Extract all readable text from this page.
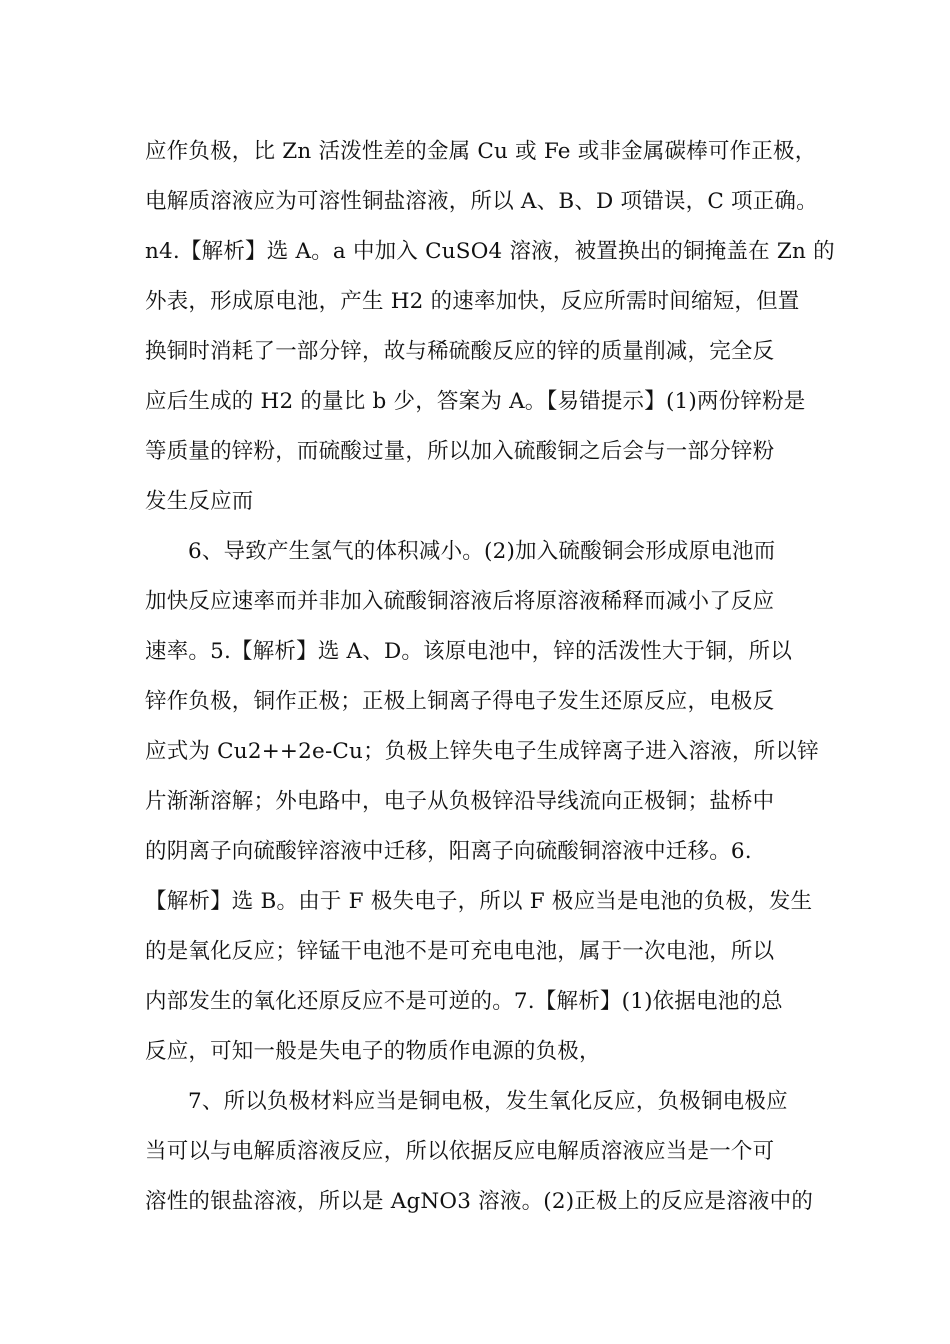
应作负极，比 Zn 活泼性差的金属 Cu 或 Fe 或非金属碳棒可作正极，
电解质溶液应为可溶性铜盐溶液，所以 A、B、D 项错误，C 项正确。
n4.【解析】选 A。a 中加入 CuSO4 溶液，被置换出的铜掩盖在 Zn 的
外表，形成原电池，产生 H2 的速率加快，反应所需时间缩短，但置
换铜时消耗了一部分锌，故与稀硫酸反应的锌的质量削减，完全反
应后生成的 H2 的量比 b 少，答案为 A。【易错提示】(1)两份锌粉是
等质量的锌粉，而硫酸过量，所以加入硫酸铜之后会与一部分锌粉
发生反应而
6、导致产生氢气的体积减小。(2)加入硫酸铜会形成原电池而
加快反应速率而并非加入硫酸铜溶液后将原溶液稀释而减小了反应
速率。5.【解析】选 A、D。该原电池中，锌的活泼性大于铜，所以
锌作负极，铜作正极；正极上铜离子得电子发生还原反应，电极反
应式为 Cu2++2e-Cu；负极上锌失电子生成锌离子进入溶液，所以锌
片渐渐溶解；外电路中，电子从负极锌沿导线流向正极铜；盐桥中
的阴离子向硫酸锌溶液中迁移，阳离子向硫酸铜溶液中迁移。6.
【解析】选 B。由于 F 极失电子，所以 F 极应当是电池的负极，发生
的是氧化反应；锌锰干电池不是可充电电池，属于一次电池，所以
内部发生的氧化还原反应不是可逆的。7.【解析】(1)依据电池的总
反应，可知一般是失电子的物质作电源的负极，
7、所以负极材料应当是铜电极，发生氧化反应，负极铜电极应
当可以与电解质溶液反应，所以依据反应电解质溶液应当是一个可
溶性的银盐溶液，所以是 AgNO3 溶液。(2)正极上的反应是溶液中的
